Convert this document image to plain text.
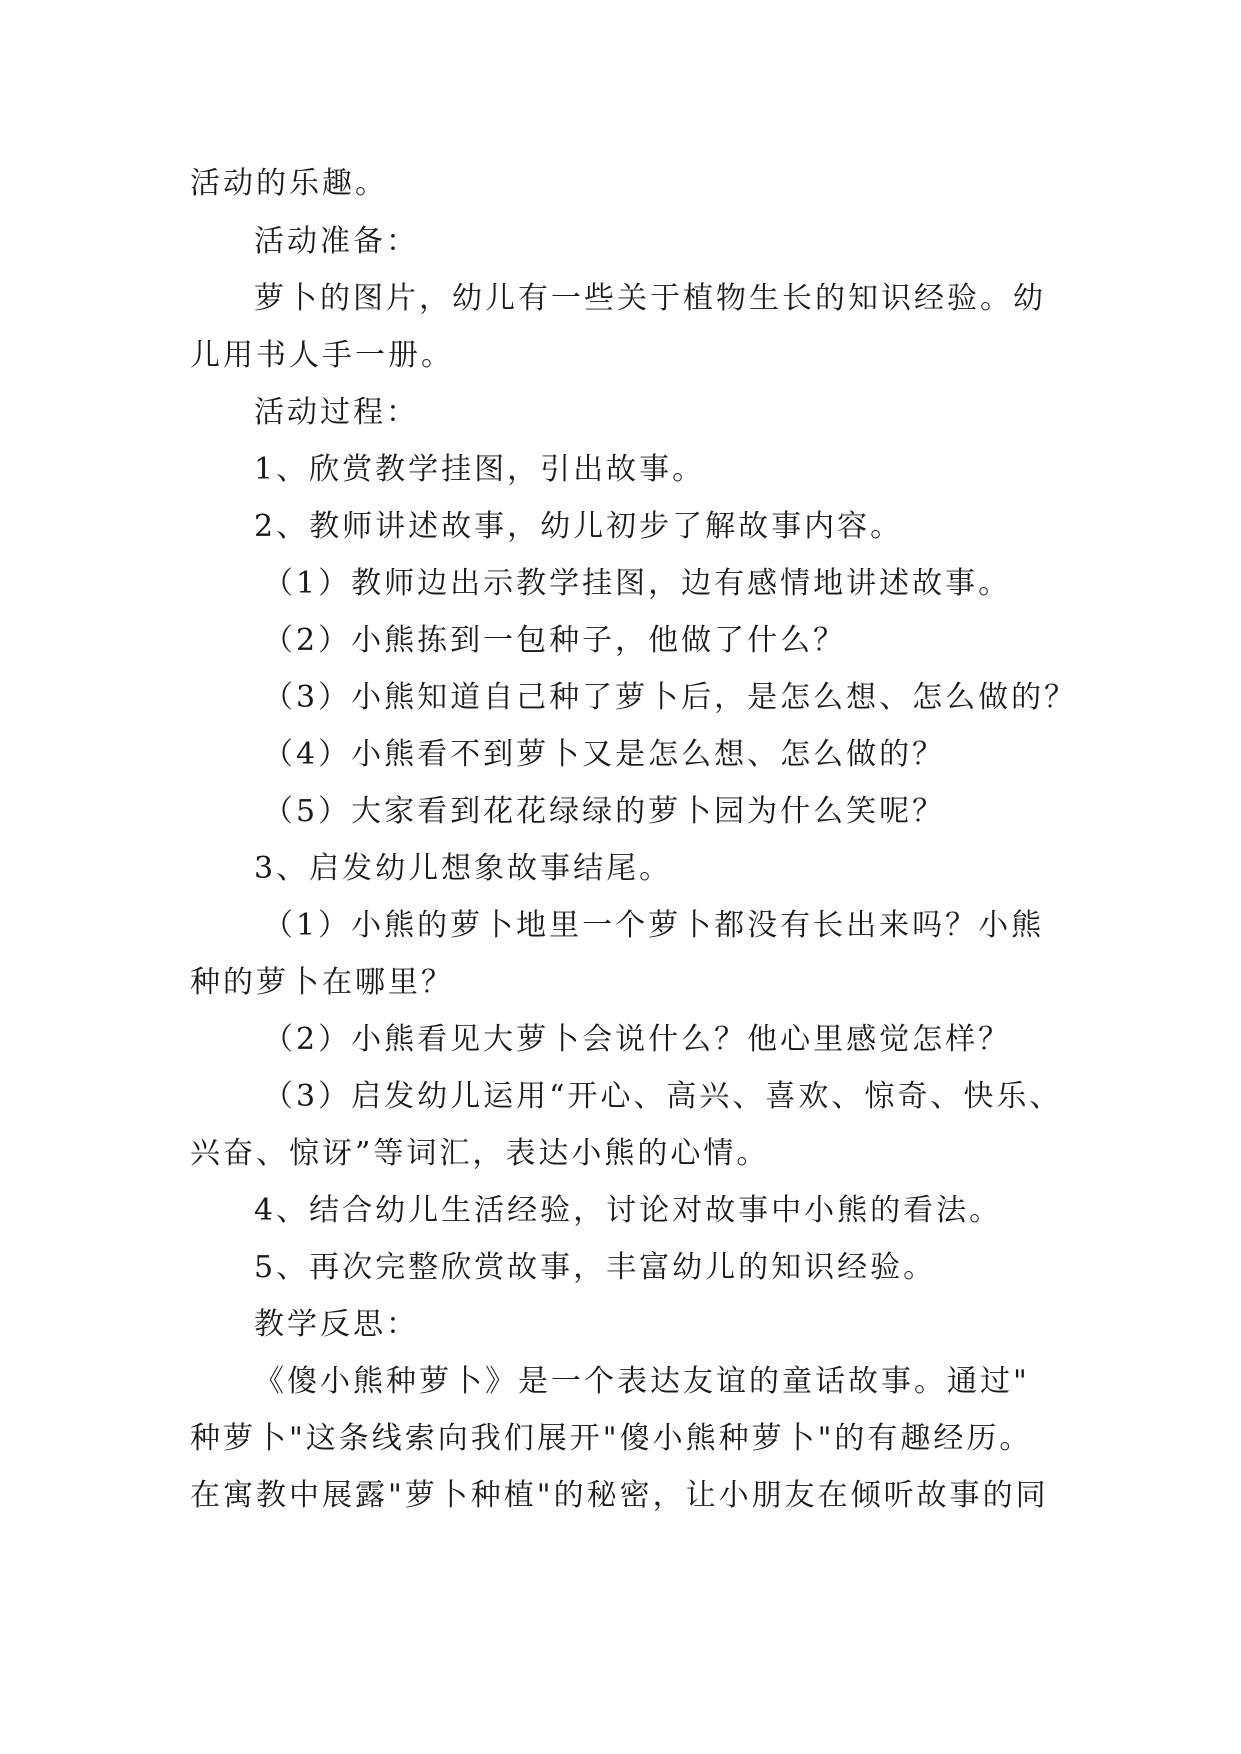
活动的乐趣。
活动准备：
萝卜的图片，幼儿有一些关于植物生长的知识经验。幼
儿用书人手一册。
活动过程：
1、欣赏教学挂图，引出故事。
2、教师讲述故事，幼儿初步了解故事内容。
（1）教师边出示教学挂图，边有感情地讲述故事。
（2）小熊拣到一包种子，他做了什么？
（3）小熊知道自己种了萝卜后，是怎么想、怎么做的？
（4）小熊看不到萝卜又是怎么想、怎么做的？
（5）大家看到花花绿绿的萝卜园为什么笑呢？
3、启发幼儿想象故事结尾。
（1）小熊的萝卜地里一个萝卜都没有长出来吗？小熊
种的萝卜在哪里？
（2）小熊看见大萝卜会说什么？他心里感觉怎样？
（3）启发幼儿运用“开心、高兴、喜欢、惊奇、快乐、
兴奋、惊讶”等词汇，表达小熊的心情。
4、结合幼儿生活经验，讨论对故事中小熊的看法。
5、再次完整欣赏故事，丰富幼儿的知识经验。
教学反思：
《傻小熊种萝卜》是一个表达友谊的童话故事。通过"
种萝卜"这条线索向我们展开"傻小熊种萝卜"的有趣经历。
在寓教中展露"萝卜种植"的秘密，让小朋友在倾听故事的同
